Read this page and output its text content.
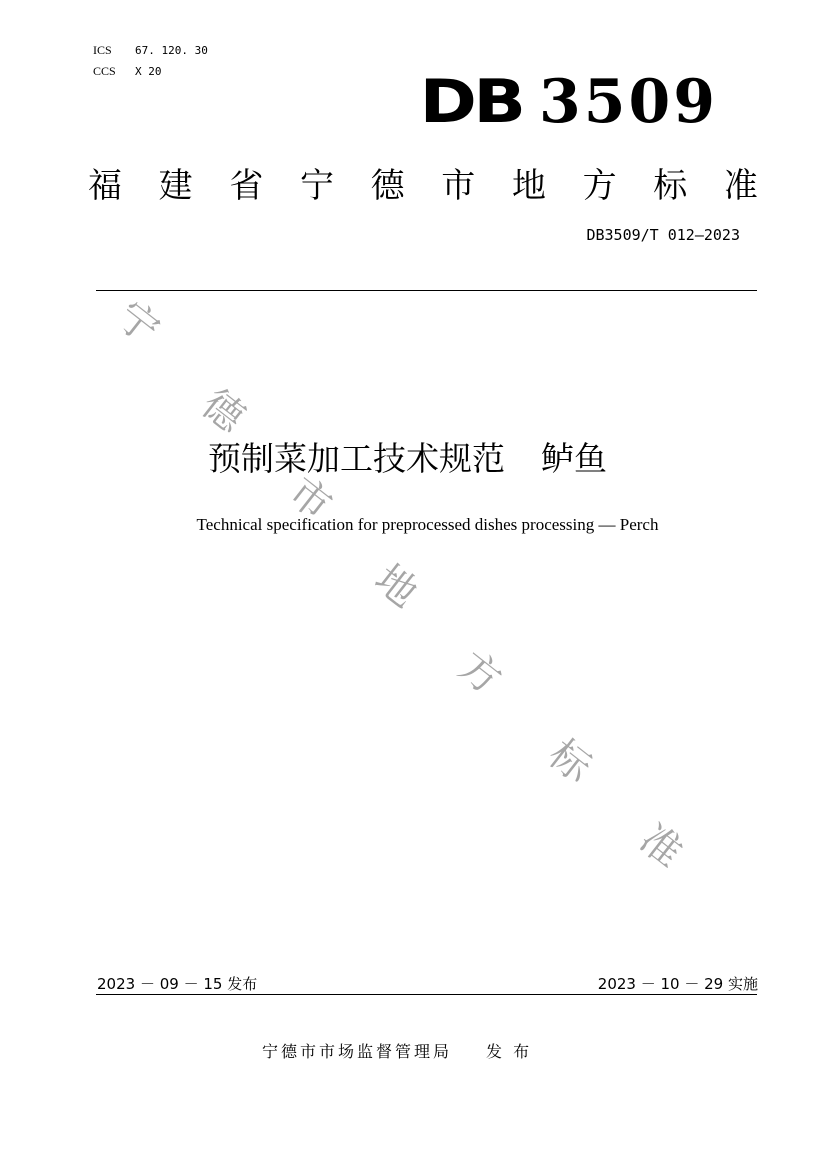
ICS 67. 120. 30
CCS X 20	DB 3509
福 建 省 宁 德 市 地 方 标 准
DB3509/T 012—2023
宁
德
市
地
方
标
准
预制菜加工技术规范 鲈鱼
Technical specification for preprocessed dishes processing — Perch
2023 － 09 － 15 发布	2023 － 10 － 29 实施
宁德市市场监督管理局 发 布
